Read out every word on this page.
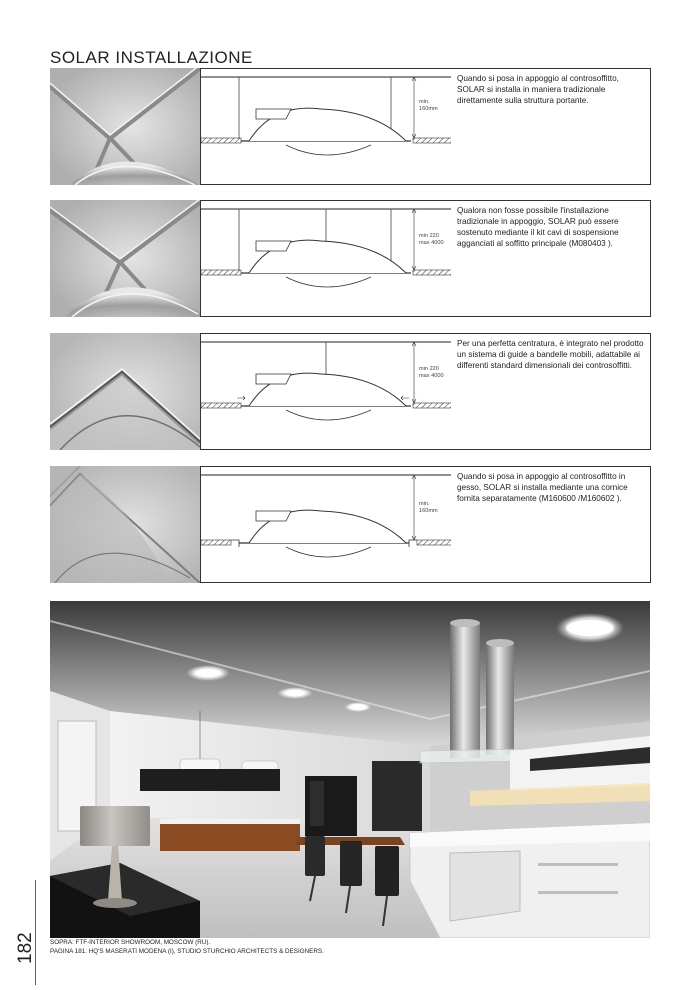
SOLAR INSTALLAZIONE
min.
160mm
Quando si posa in appoggio al controsoffitto, SOLAR si installa in maniera tradizionale direttamente sulla struttura portante.
min 220
max 4000
Qualora non fosse possibile l'installazione tradizionale in appoggio, SOLAR può essere sostenuto mediante il kit cavi di sospensione agganciati al soffitto principale (M080403 ).
min 220
max 4000
Per una perfetta centratura, è integrato nel prodotto un sistema di guide a bandelle mobili, adattabile ai differenti standard dimensionali dei controsoffitti.
min.
160mm
Quando si posa in appoggio al controsoffitto in gesso, SOLAR si installa mediante una cornice fornita separatamente (M160600 /M160602 ).
SOPRA: FTF-INTERIOR SHOWROOM, MOSCOW (RU).
PAGINA 181: HQ'S MASERATI MODENA (I), STUDIO STURCHIO ARCHITECTS & DESIGNERS.
182
